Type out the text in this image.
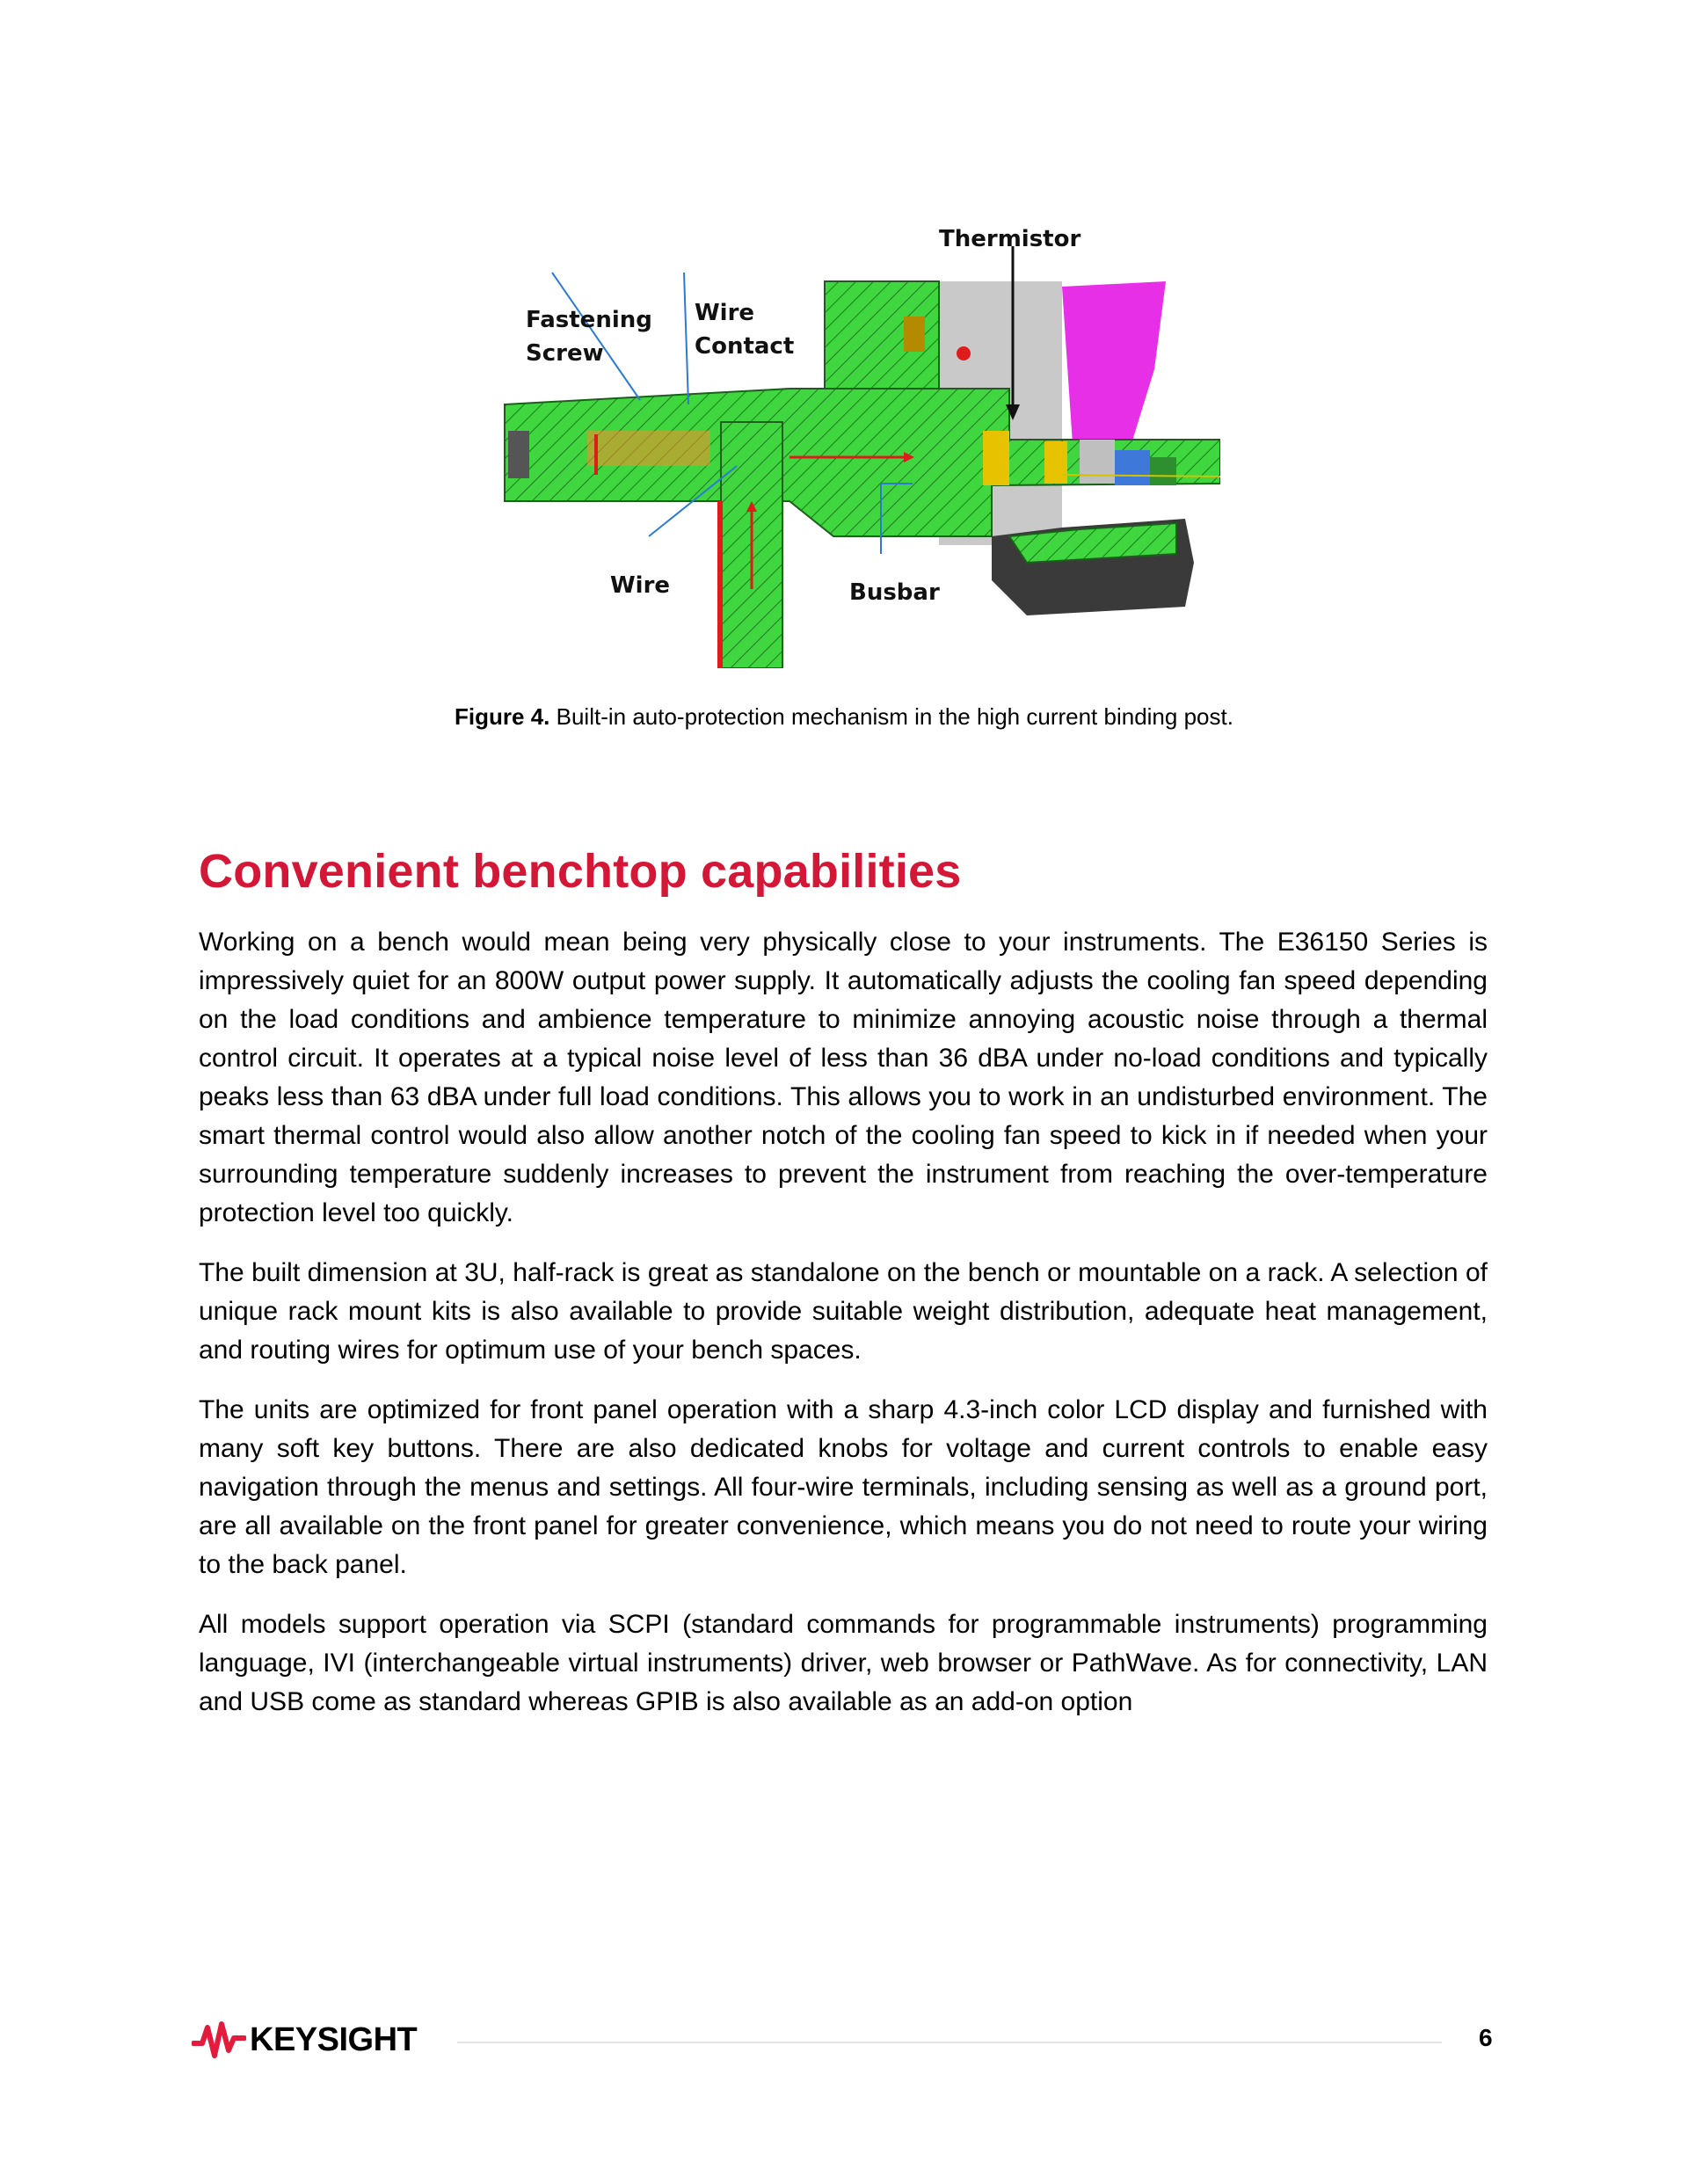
Thermistor
Fastening
Screw
Wire
Contact
Wire	Busbar
Figure 4. Built-in auto-protection mechanism in the high current binding post.
Convenient benchtop capabilities

Working on a bench would mean being very physically close to your instruments. The E36150 Series is impressively quiet for an 800W output power supply. It automatically adjusts the cooling fan speed depending on the load conditions and ambience temperature to minimize annoying acoustic noise through a thermal control circuit. It operates at a typical noise level of less than 36 dBA under no-load conditions and typically peaks less than 63 dBA under full load conditions. This allows you to work in an undisturbed environment. The smart thermal control would also allow another notch of the cooling fan speed to kick in if needed when your surrounding temperature suddenly increases to prevent the instrument from reaching the over-temperature protection level too quickly.

The built dimension at 3U, half-rack is great as standalone on the bench or mountable on a rack. A selection of unique rack mount kits is also available to provide suitable weight distribution, adequate heat management, and routing wires for optimum use of your bench spaces.

The units are optimized for front panel operation with a sharp 4.3-inch color LCD display and furnished with many soft key buttons. There are also dedicated knobs for voltage and current controls to enable easy navigation through the menus and settings. All four-wire terminals, including sensing as well as a ground port, are all available on the front panel for greater convenience, which means you do not need to route your wiring to the back panel.

All models support operation via SCPI (standard commands for programmable instruments) programming language, IVI (interchangeable virtual instruments) driver, web browser or PathWave. As for connectivity, LAN and USB come as standard whereas GPIB is also available as an add-on option

KEYSIGHT	6
